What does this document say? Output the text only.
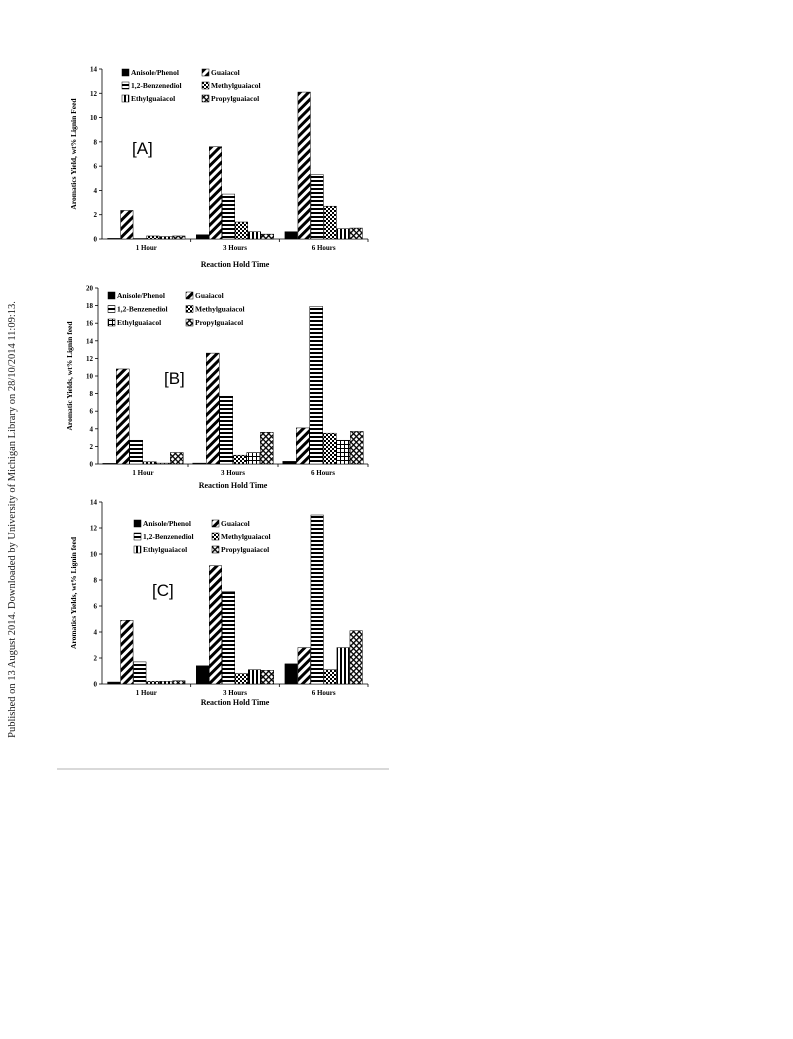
Published on 13 August 2014. Downloaded by University of Michigan Library on 28/10/2014 11:09:13.
0
2
4
6
8
10
12
14
1 Hour	3 Hours	6 Hours
Aromatics Yield, wt% Lignin Feed
Reaction Hold Time
[A]
Anisole/Phenol	Guaiacol
1,2-Benzenediol	Methylguaiacol
Ethylguaiacol	Propylguaiacol
0
2
4
6
8
10
12
14
16
18
20
1 Hour	3 Hours	6 Hours
Aromatic Yields, wt% Lignin feed
Reaction Hold Time
[B]
Anisole/Phenol	Guaiacol
1,2-Benzenediol	Methylguaiacol
Ethylguaiacol	Propylguaiacol
0
2
4
6
8
10
12
14
1 Hour	3 Hours	6 Hours
Aromatics Yields, wt% Lignin feed
Reaction Hold Time
[C]
Anisole/Phenol	Guaiacol
1,2-Benzenediol	Methylguaiacol
Ethylguaiacol	Propylguaiacol
